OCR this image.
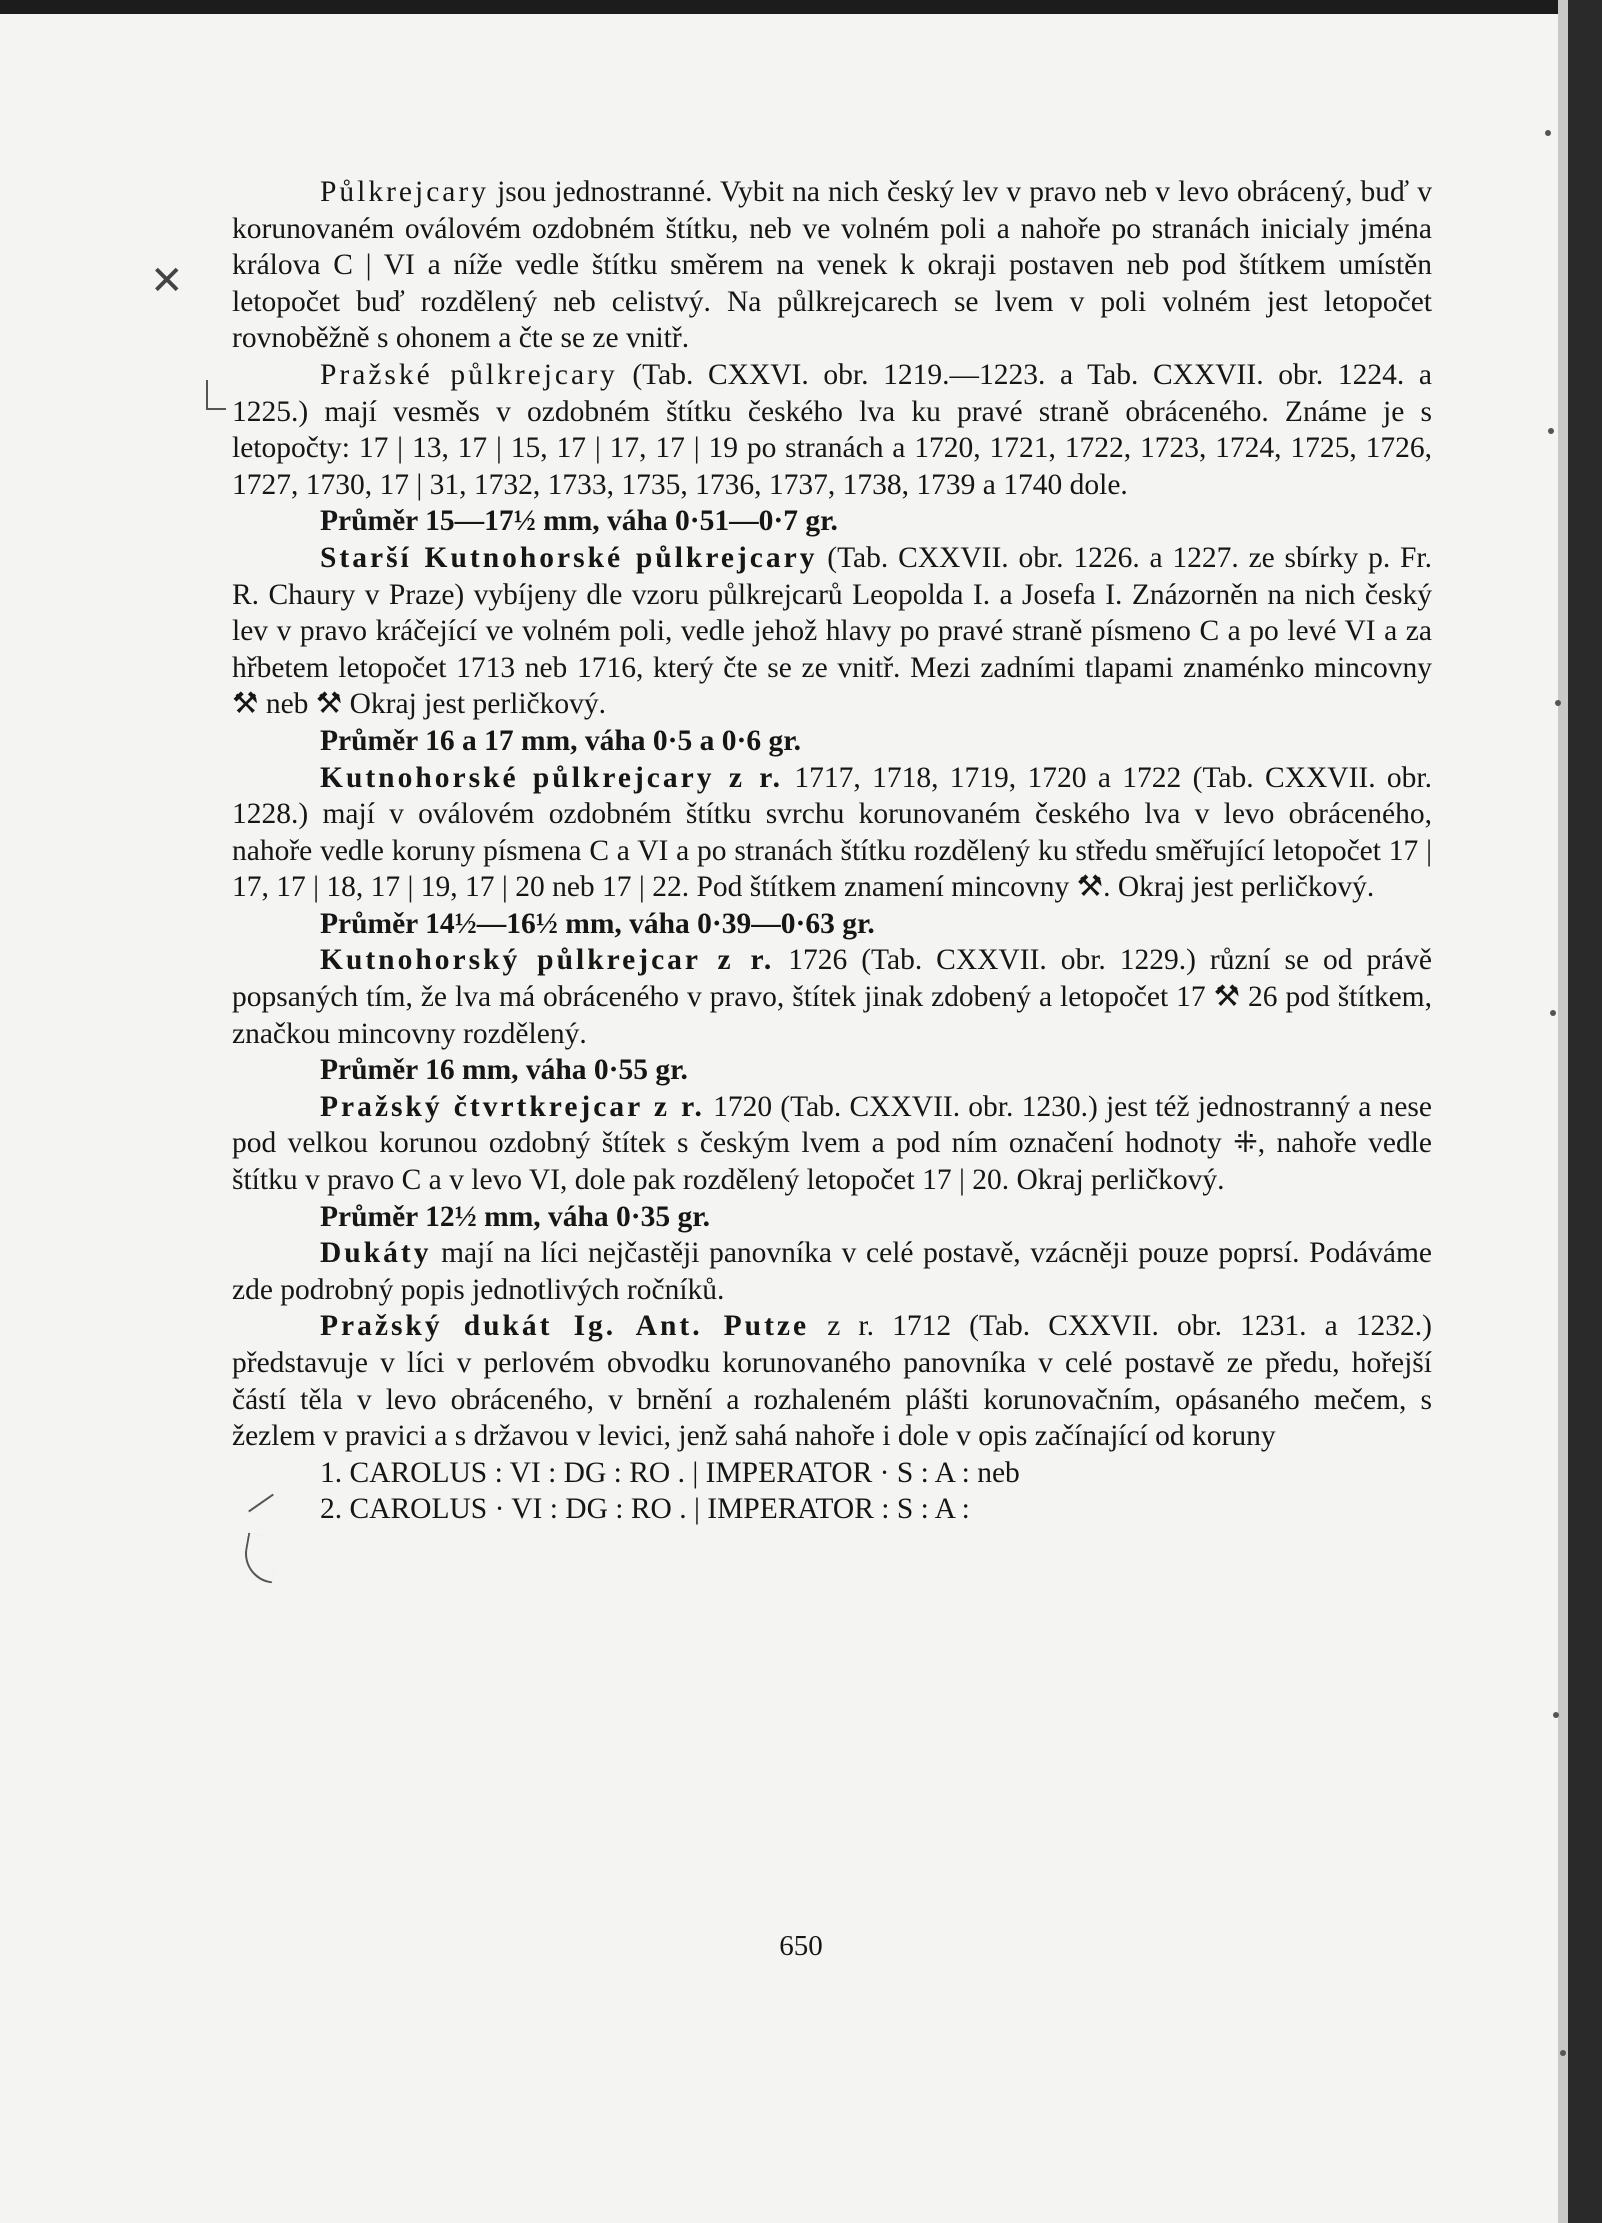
✕

Půlkrejcary jsou jednostranné. Vybit na nich český lev v pravo neb v levo obrácený, buď v korunovaném oválovém ozdobném štítku, neb ve volném poli a nahoře po stranách inicialy jména králova C | VI a níže vedle štítku směrem na venek k okraji postaven neb pod štítkem umístěn letopočet buď rozdělený neb celistvý. Na půlkrejcarech se lvem v poli volném jest letopočet rovnoběžně s ohonem a čte se ze vnitř.

Pražské půlkrejcary (Tab. CXXVI. obr. 1219.—1223. a Tab. CXXVII. obr. 1224. a 1225.) mají vesměs v ozdobném štítku českého lva ku pravé straně obráceného. Známe je s letopočty: 17 | 13, 17 | 15, 17 | 17, 17 | 19 po stranách a 1720, 1721, 1722, 1723, 1724, 1725, 1726, 1727, 1730, 17 | 31, 1732, 1733, 1735, 1736, 1737, 1738, 1739 a 1740 dole.

Průměr 15—17½ mm, váha 0·51—0·7 gr.

Starší Kutnohorské půlkrejcary (Tab. CXXVII. obr. 1226. a 1227. ze sbírky p. Fr. R. Chaury v Praze) vybíjeny dle vzoru půlkrejcarů Leopolda I. a Josefa I. Znázorněn na nich český lev v pravo kráčející ve volném poli, vedle jehož hlavy po pravé straně písmeno C a po levé VI a za hřbetem letopočet 1713 neb 1716, který čte se ze vnitř. Mezi zadními tlapami znaménko mincovny ⚒ neb ⚒ Okraj jest perličkový.

Průměr 16 a 17 mm, váha 0·5 a 0·6 gr.

Kutnohorské půlkrejcary z r. 1717, 1718, 1719, 1720 a 1722 (Tab. CXXVII. obr. 1228.) mají v oválovém ozdobném štítku svrchu korunovaném českého lva v levo obráceného, nahoře vedle koruny písmena C a VI a po stranách štítku rozdělený ku středu směřující letopočet 17 | 17, 17 | 18, 17 | 19, 17 | 20 neb 17 | 22. Pod štítkem znamení mincovny ⚒. Okraj jest perličkový.

Průměr 14½—16½ mm, váha 0·39—0·63 gr.

Kutnohorský půlkrejcar z r. 1726 (Tab. CXXVII. obr. 1229.) různí se od právě popsaných tím, že lva má obráceného v pravo, štítek jinak zdobený a letopočet 17 ⚒ 26 pod štítkem, značkou mincovny rozdělený.

Průměr 16 mm, váha 0·55 gr.

Pražský čtvrtkrejcar z r. 1720 (Tab. CXXVII. obr. 1230.) jest též jednostranný a nese pod velkou korunou ozdobný štítek s českým lvem a pod ním označení hodnoty ⁜, nahoře vedle štítku v pravo C a v levo VI, dole pak rozdělený letopočet 17 | 20. Okraj perličkový.

Průměr 12½ mm, váha 0·35 gr.

Dukáty mají na líci nejčastěji panovníka v celé postavě, vzácněji pouze poprsí. Podáváme zde podrobný popis jednotlivých ročníků.

Pražský dukát Ig. Ant. Putze z r. 1712 (Tab. CXXVII. obr. 1231. a 1232.) představuje v líci v perlovém obvodku korunovaného panovníka v celé postavě ze předu, hořejší částí těla v levo obráceného, v brnění a rozhaleném plášti korunovačním, opásaného mečem, s žezlem v pravici a s državou v levici, jenž sahá nahoře i dole v opis začínající od koruny

1. CAROLUS : VI : DG : RO . | IMPERATOR · S : A : neb

2. CAROLUS · VI : DG : RO . | IMPERATOR : S : A :

650
